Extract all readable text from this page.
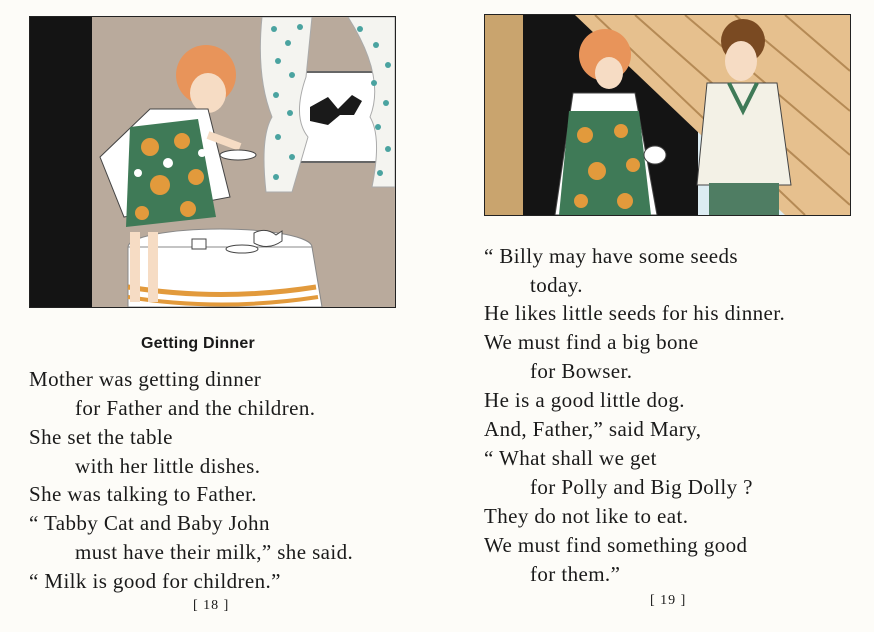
Getting Dinner
Mother was getting dinner
for Father and the children.
She set the table
with her little dishes.
She was talking to Father.
“ Tabby Cat and Baby John
must have their milk,” she said.
“ Milk is good for children.”
[ 18 ]
“ Billy may have some seeds
today.
He likes little seeds for his dinner.
We must find a big bone
for Bowser.
He is a good little dog.
And, Father,” said Mary,
“ What shall we get
for Polly and Big Dolly ?
They do not like to eat.
We must find something good
for them.”
[ 19 ]
